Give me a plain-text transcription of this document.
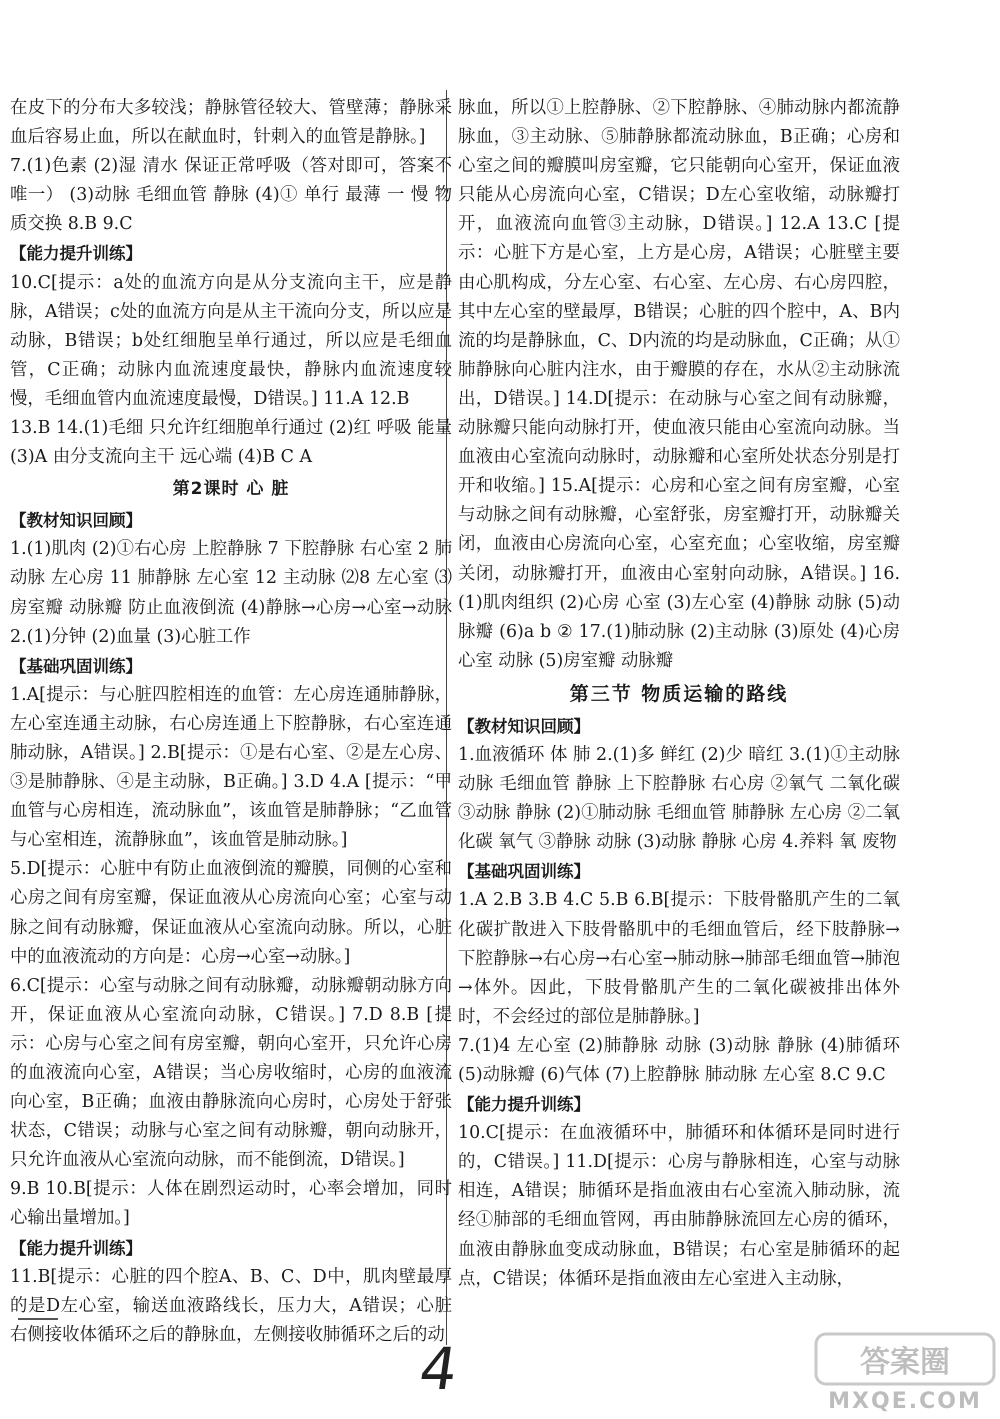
在皮下的分布大多较浅；静脉管径较大、管壁薄；静脉采血后容易止血，所以在献血时，针刺入的血管是静脉。]
7.(1)色素 (2)湿 清水 保证正常呼吸（答对即可，答案不唯一） (3)动脉 毛细血管 静脉 (4)① 单行 最薄 一 慢 物质交换 8.B 9.C
【能力提升训练】
10.C[提示：a处的血流方向是从分支流向主干，应是静脉，A错误；c处的血流方向是从主干流向分支，所以应是动脉，B错误；b处红细胞呈单行通过，所以应是毛细血管，C正确；动脉内血流速度最快，静脉内血流速度较慢，毛细血管内血流速度最慢，D错误。] 11.A 12.B
13.B 14.(1)毛细 只允许红细胞单行通过 (2)红 呼吸 能量 (3)A 由分支流向主干 远心端 (4)B C A
第2课时 心 脏
【教材知识回顾】
1.(1)肌肉 (2)①右心房 上腔静脉 7 下腔静脉 右心室 2 肺动脉 左心房 11 肺静脉 左心室 12 主动脉 ⑵8 左心室 ⑶房室瓣 动脉瓣 防止血液倒流 (4)静脉→心房→心室→动脉 2.(1)分钟 (2)血量 (3)心脏工作
【基础巩固训练】
1.A[提示：与心脏四腔相连的血管：左心房连通肺静脉，左心室连通主动脉，右心房连通上下腔静脉，右心室连通肺动脉，A错误。] 2.B[提示：①是右心室、②是左心房、③是肺静脉、④是主动脉，B正确。] 3.D 4.A [提示：“甲血管与心房相连，流动脉血”，该血管是肺静脉；“乙血管与心室相连，流静脉血”，该血管是肺动脉。]
5.D[提示：心脏中有防止血液倒流的瓣膜，同侧的心室和心房之间有房室瓣，保证血液从心房流向心室；心室与动脉之间有动脉瓣，保证血液从心室流向动脉。所以，心脏中的血液流动的方向是：心房→心室→动脉。]
6.C[提示：心室与动脉之间有动脉瓣，动脉瓣朝动脉方向开，保证血液从心室流向动脉，C错误。] 7.D 8.B [提示：心房与心室之间有房室瓣，朝向心室开，只允许心房的血液流向心室，A错误；当心房收缩时，心房的血液流向心室，B正确；血液由静脉流向心房时，心房处于舒张状态，C错误；动脉与心室之间有动脉瓣，朝向动脉开，只允许血液从心室流向动脉，而不能倒流，D错误。]
9.B 10.B[提示：人体在剧烈运动时，心率会增加，同时心输出量增加。]
【能力提升训练】
11.B[提示：心脏的四个腔A、B、C、D中，肌肉壁最厚的是D左心室，输送血液路线长，压力大，A错误；心脏右侧接收体循环之后的静脉血，左侧接收肺循环之后的动
脉血，所以①上腔静脉、②下腔静脉、④肺动脉内都流静脉血，③主动脉、⑤肺静脉都流动脉血，B正确；心房和心室之间的瓣膜叫房室瓣，它只能朝向心室开，保证血液只能从心房流向心室，C错误；D左心室收缩，动脉瓣打开，血液流向血管③主动脉，D错误。] 12.A 13.C [提示：心脏下方是心室，上方是心房，A错误；心脏壁主要由心肌构成，分左心室、右心室、左心房、右心房四腔，其中左心室的壁最厚，B错误；心脏的四个腔中，A、B内流的均是静脉血，C、D内流的均是动脉血，C正确；从①肺静脉向心脏内注水，由于瓣膜的存在，水从②主动脉流出，D错误。] 14.D[提示：在动脉与心室之间有动脉瓣，动脉瓣只能向动脉打开，使血液只能由心室流向动脉。当血液由心室流向动脉时，动脉瓣和心室所处状态分别是打开和收缩。] 15.A[提示：心房和心室之间有房室瓣，心室与动脉之间有动脉瓣，心室舒张，房室瓣打开，动脉瓣关闭，血液由心房流向心室，心室充血；心室收缩，房室瓣关闭，动脉瓣打开，血液由心室射向动脉，A错误。] 16.(1)肌肉组织 (2)心房 心室 (3)左心室 (4)静脉 动脉 (5)动脉瓣 (6)a b ② 17.(1)肺动脉 (2)主动脉 (3)原处 (4)心房 心室 动脉 (5)房室瓣 动脉瓣
第三节 物质运输的路线
【教材知识回顾】
1.血液循环 体 肺 2.(1)多 鲜红 (2)少 暗红 3.(1)①主动脉 动脉 毛细血管 静脉 上下腔静脉 右心房 ②氧气 二氧化碳 ③动脉 静脉 (2)①肺动脉 毛细血管 肺静脉 左心房 ②二氧化碳 氧气 ③静脉 动脉 (3)动脉 静脉 心房 4.养料 氧 废物
【基础巩固训练】
1.A 2.B 3.B 4.C 5.B 6.B[提示：下肢骨骼肌产生的二氧化碳扩散进入下肢骨骼肌中的毛细血管后，经下肢静脉→下腔静脉→右心房→右心室→肺动脉→肺部毛细血管→肺泡→体外。因此，下肢骨骼肌产生的二氧化碳被排出体外时，不会经过的部位是肺静脉。]
7.(1)4 左心室 (2)肺静脉 动脉 (3)动脉 静脉 (4)肺循环 (5)动脉瓣 (6)气体 (7)上腔静脉 肺动脉 左心室 8.C 9.C
【能力提升训练】
10.C[提示：在血液循环中，肺循环和体循环是同时进行的，C错误。] 11.D[提示：心房与静脉相连，心室与动脉相连，A错误；肺循环是指血液由右心室流入肺动脉，流经①肺部的毛细血管网，再由肺静脉流回左心房的循环，血液由静脉血变成动脉血，B错误；右心室是肺循环的起点，C错误；体循环是指血液由左心室进入主动脉，
4	答案圈
MXQE.COM
